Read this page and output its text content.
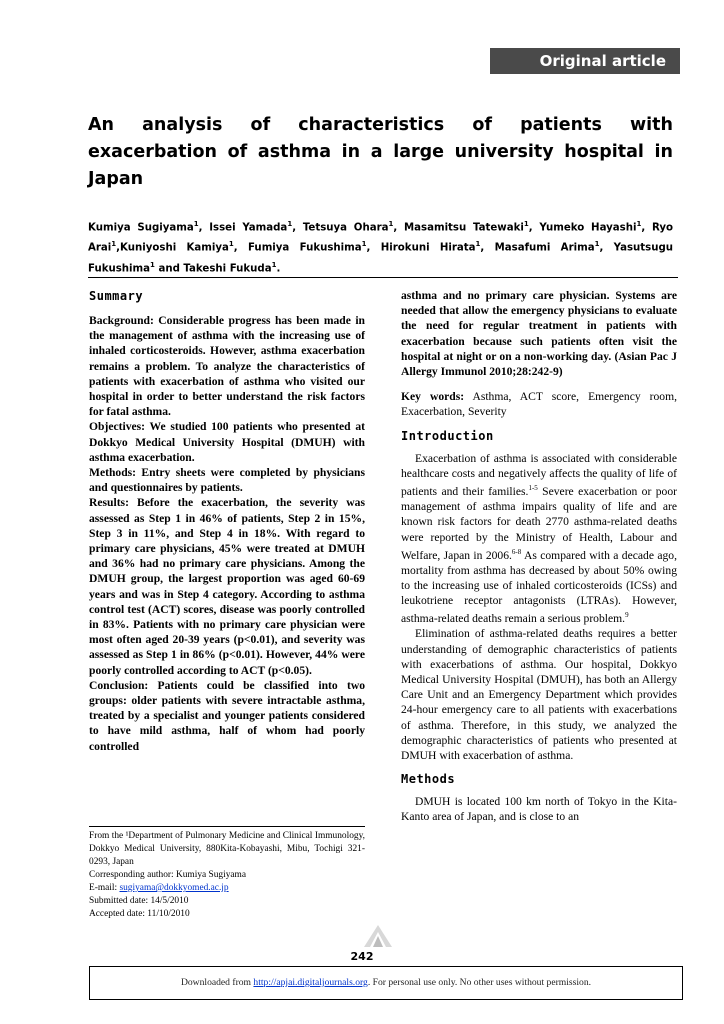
Original article
An analysis of characteristics of patients with exacerbation of asthma in a large university hospital in Japan
Kumiya Sugiyama$^1$, Issei Yamada$^1$, Tetsuya Ohara$^1$, Masamitsu Tatewaki$^1$, Yumeko Hayashi$^1$, Ryo Arai$^1$,Kuniyoshi Kamiya$^1$, Fumiya Fukushima$^1$, Hirokuni Hirata$^1$, Masafumi Arima$^1$, Yasutsugu Fukushima$^1$ and Takeshi Fukuda$^1$.
Summary

Background: Considerable progress has been made in the management of asthma with the increasing use of inhaled corticosteroids. However, asthma exacerbation remains a problem. To analyze the characteristics of patients with exacerbation of asthma who visited our hospital in order to better understand the risk factors for fatal asthma.

Objectives: We studied 100 patients who presented at Dokkyo Medical University Hospital (DMUH) with asthma exacerbation.

Methods: Entry sheets were completed by physicians and questionnaires by patients.

Results: Before the exacerbation, the severity was assessed as Step 1 in 46% of patients, Step 2 in 15%, Step 3 in 11%, and Step 4 in 18%. With regard to primary care physicians, 45% were treated at DMUH and 36% had no primary care physicians. Among the DMUH group, the largest proportion was aged 60-69 years and was in Step 4 category. According to asthma control test (ACT) scores, disease was poorly controlled in 83%. Patients with no primary care physician were most often aged 20-39 years (p<0.01), and severity was assessed as Step 1 in 86% (p<0.01). However, 44% were poorly controlled according to ACT (p<0.05).

Conclusion: Patients could be classified into two groups: older patients with severe intractable asthma, treated by a specialist and younger patients considered to have mild asthma, half of whom had poorly controlled

From the ¹Department of Pulmonary Medicine and Clinical Immunology, Dokkyo Medical University, 880Kita-Kobayashi, Mibu, Tochigi 321-0293, Japan
Corresponding author: Kumiya Sugiyama
E-mail: sugiyama@dokkyomed.ac.jp
Submitted date: 14/5/2010
Accepted date: 11/10/2010

asthma and no primary care physician. Systems are needed that allow the emergency physicians to evaluate the need for regular treatment in patients with exacerbation because such patients often visit the hospital at night or on a non-working day. (Asian Pac J Allergy Immunol 2010;28:242-9)

Key words: Asthma, ACT score, Emergency room, Exacerbation, Severity

Introduction

Exacerbation of asthma is associated with considerable healthcare costs and negatively affects the quality of life of patients and their families.$^{1-5}$ Severe exacerbation or poor management of asthma impairs quality of life and are known risk factors for death 2770 asthma-related deaths were reported by the Ministry of Health, Labour and Welfare, Japan in 2006.$^{6-8}$ As compared with a decade ago, mortality from asthma has decreased by about 50% owing to the increasing use of inhaled corticosteroids (ICSs) and leukotriene receptor antagonists (LTRAs). However, asthma-related deaths remain a serious problem.$^9$

Elimination of asthma-related deaths requires a better understanding of demographic characteristics of patients with exacerbations of asthma. Our hospital, Dokkyo Medical University Hospital (DMUH), has both an Allergy Care Unit and an Emergency Department which provides 24-hour emergency care to all patients with exacerbations of asthma. Therefore, in this study, we analyzed the demographic characteristics of patients who presented at DMUH with exacerbation of asthma.

Methods

DMUH is located 100 km north of Tokyo in the Kita-Kanto area of Japan, and is close to an

242
Downloaded from http://apjai.digitaljournals.org. For personal use only. No other uses without permission.
